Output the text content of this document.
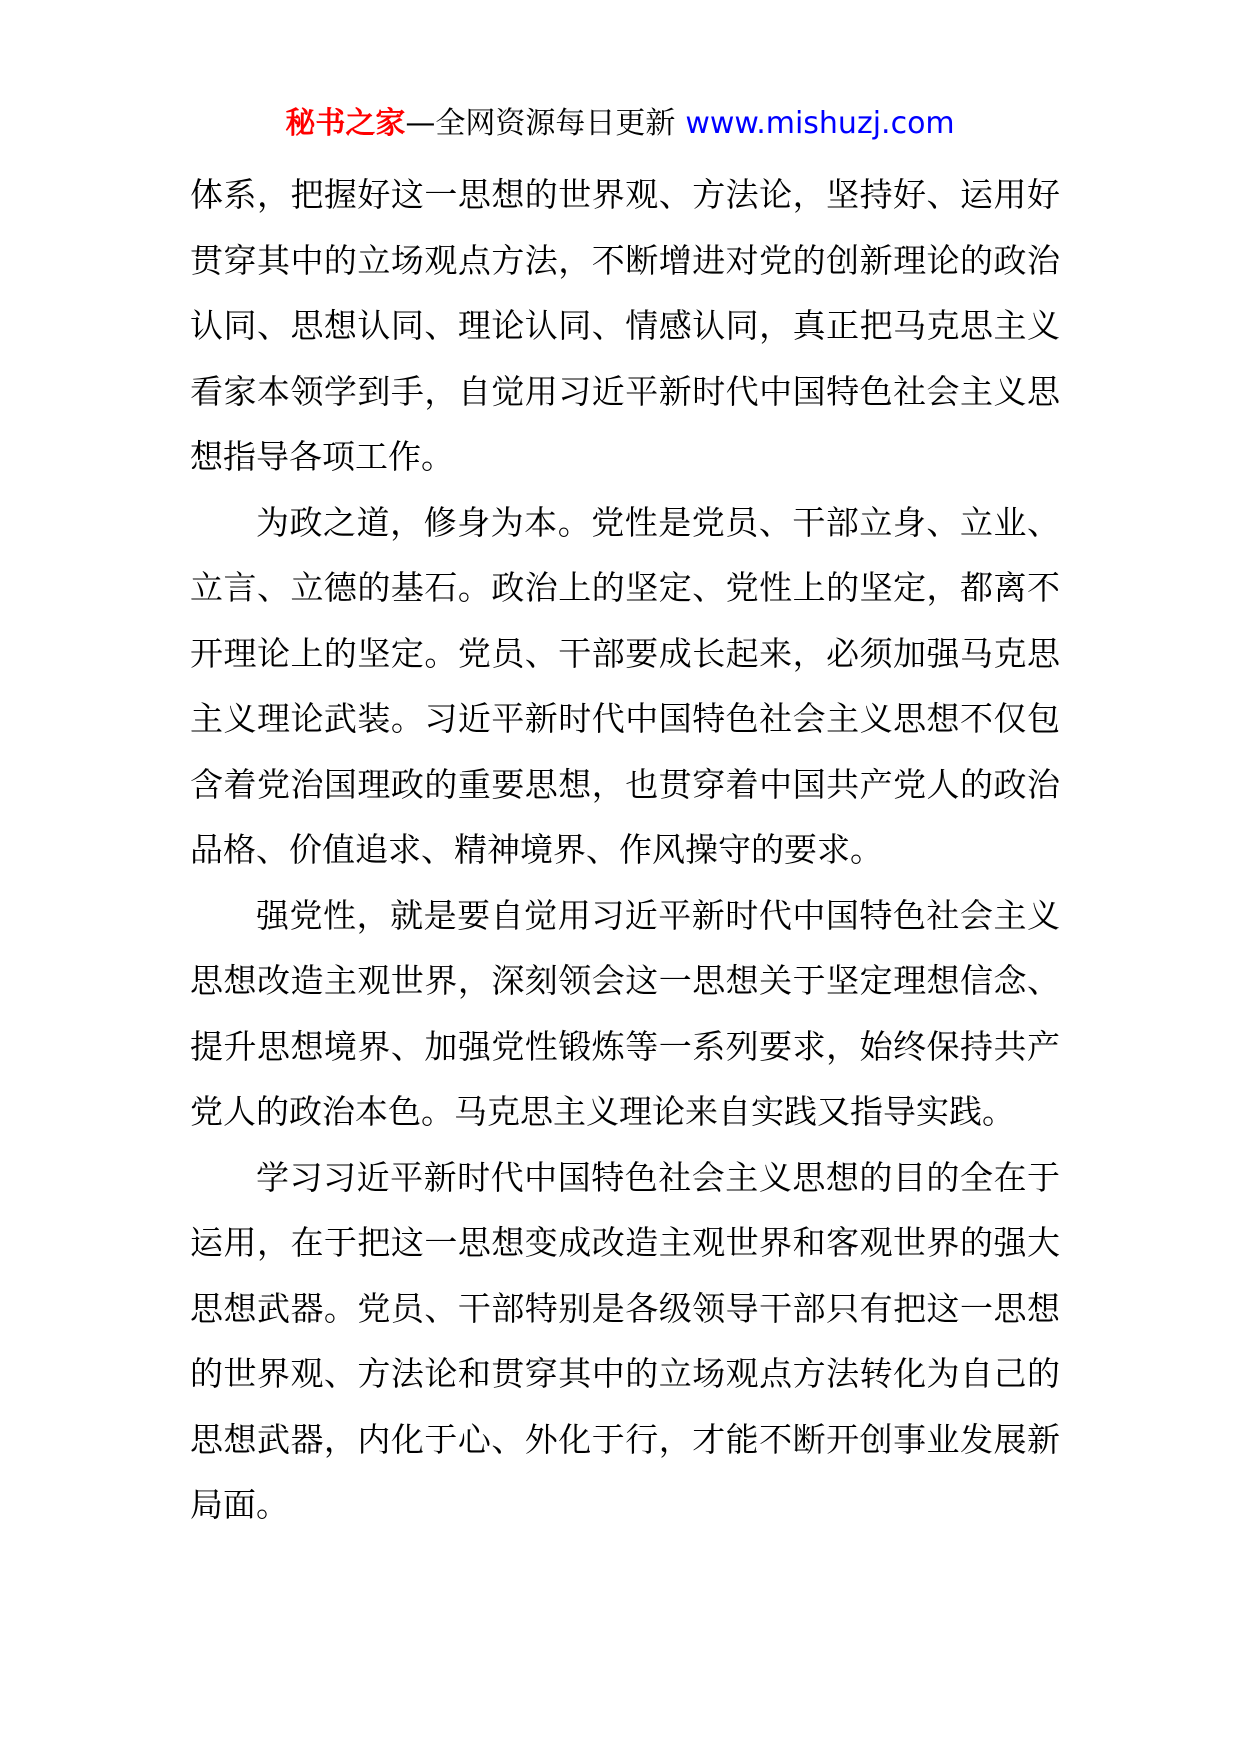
秘书之家—全网资源每日更新 www.mishuzj.com

体系，把握好这一思想的世界观、方法论，坚持好、运用好贯穿其中的立场观点方法，不断增进对党的创新理论的政治认同、思想认同、理论认同、情感认同，真正把马克思主义看家本领学到手，自觉用习近平新时代中国特色社会主义思想指导各项工作。

为政之道，修身为本。党性是党员、干部立身、立业、立言、立德的基石。政治上的坚定、党性上的坚定，都离不开理论上的坚定。党员、干部要成长起来，必须加强马克思主义理论武装。习近平新时代中国特色社会主义思想不仅包含着党治国理政的重要思想，也贯穿着中国共产党人的政治品格、价值追求、精神境界、作风操守的要求。

强党性，就是要自觉用习近平新时代中国特色社会主义思想改造主观世界，深刻领会这一思想关于坚定理想信念、提升思想境界、加强党性锻炼等一系列要求，始终保持共产党人的政治本色。马克思主义理论来自实践又指导实践。

学习习近平新时代中国特色社会主义思想的目的全在于运用，在于把这一思想变成改造主观世界和客观世界的强大思想武器。党员、干部特别是各级领导干部只有把这一思想的世界观、方法论和贯穿其中的立场观点方法转化为自己的思想武器，内化于心、外化于行，才能不断开创事业发展新局面。
